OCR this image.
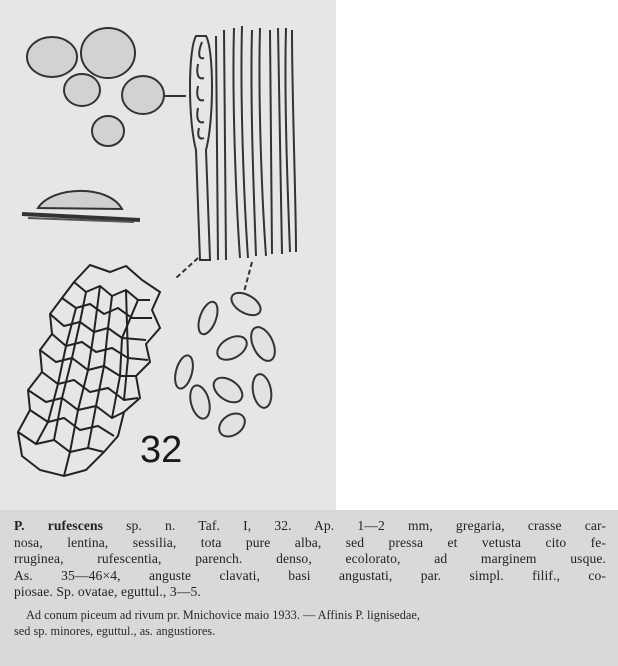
32

P. rufescens sp. n. Taf. I, 32. Ap. 1—2 mm, gregaria, crasse car-
nosa, lentina, sessilia, tota pure alba, sed pressa et vetusta cito fe-
rruginea, rufescentia, parench. denso, ecolorato, ad marginem usque.
As. 35—46×4, anguste clavati, basi angustati, par. simpl. filif., co-
piosae. Sp. ovatae, eguttul., 3—5.

Ad conum piceum ad rivum pr. Mnichovice maio 1933. — Affinis P. lignisedae,
sed sp. minores, eguttul., as. angustiores.
